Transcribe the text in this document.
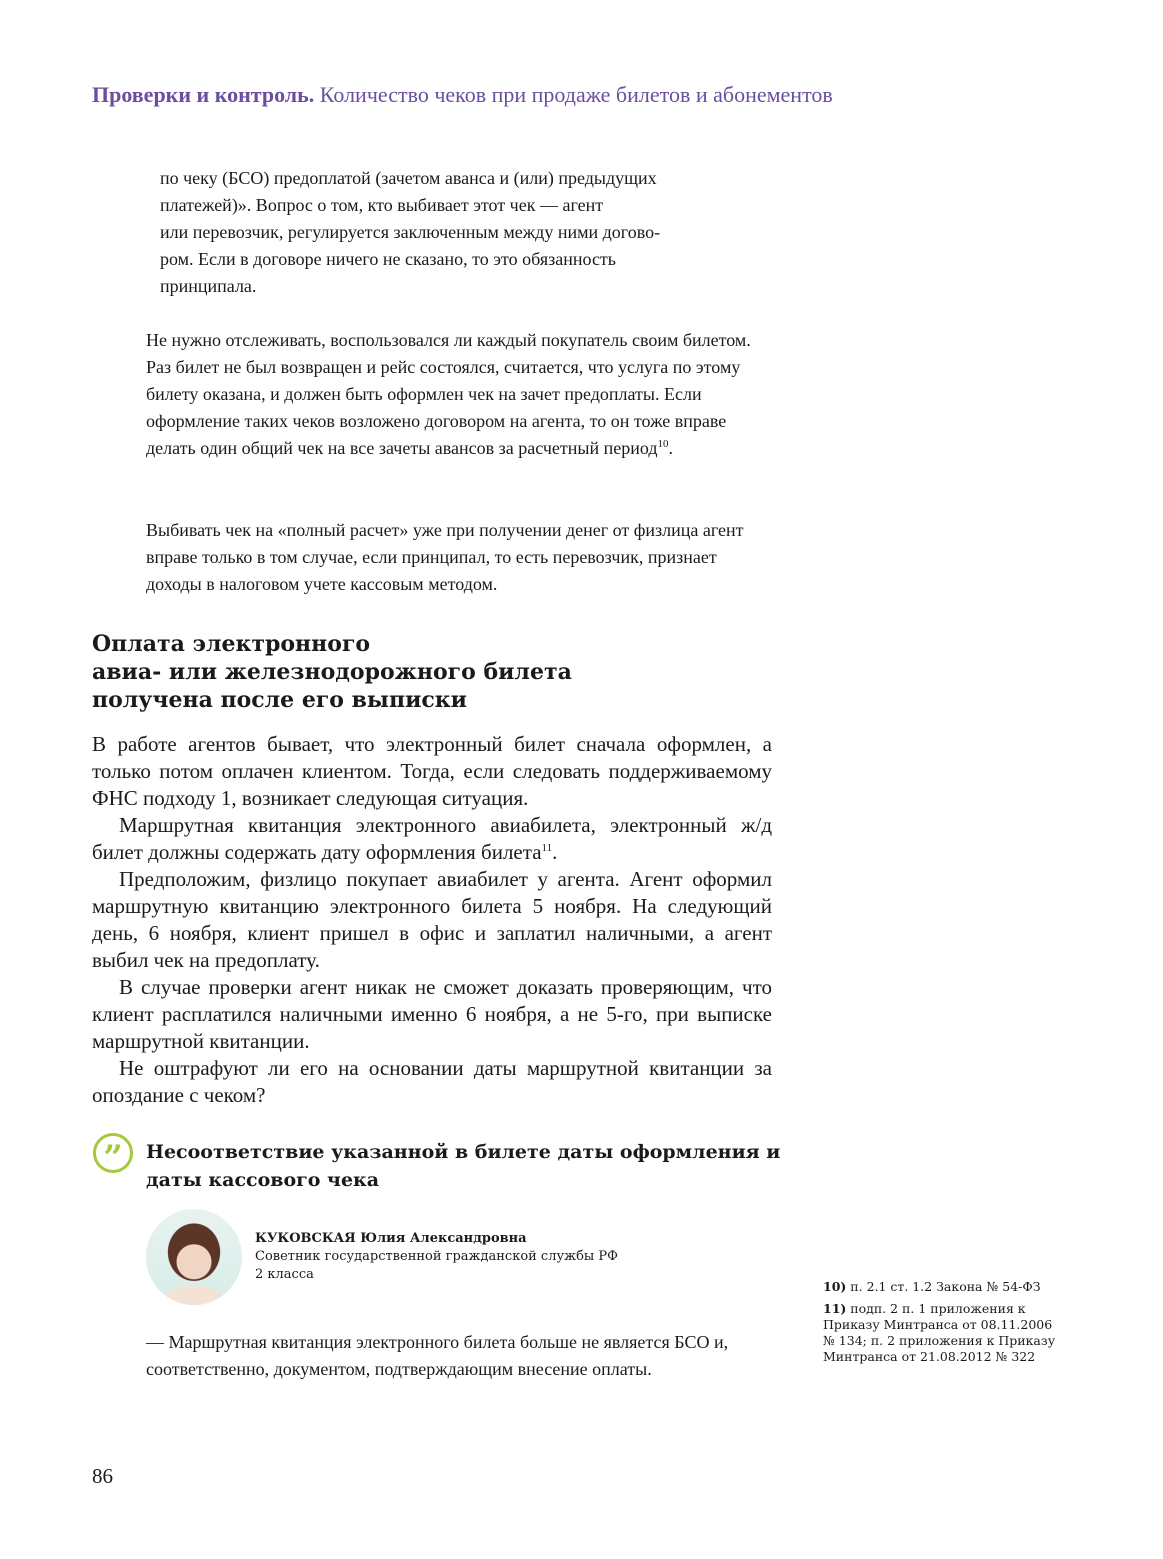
Проверки и контроль. Количество чеков при продаже билетов и абонементов
по чеку (БСО) предоплатой (зачетом аванса и (или) предыдущих
платежей)». Вопрос о том, кто выбивает этот чек — агент
или перевозчик, регулируется заключенным между ними догово-
ром. Если в договоре ничего не сказано, то это обязанность
принципала.
Не нужно отслеживать, воспользовался ли каждый покупатель своим билетом. Раз билет не был возвращен и рейс состоялся, считается, что услуга по этому билету оказана, и должен быть оформлен чек на зачет предоплаты. Если оформление таких чеков возложено договором на агента, то он тоже вправе делать один общий чек на все зачеты авансов за расчетный период$^{10}$.
Выбивать чек на «полный расчет» уже при получении денег от физлица агент вправе только в том случае, если принципал, то есть перевозчик, признает доходы в налоговом учете кассовым методом.
Оплата электронного
авиа- или железнодорожного билета
получена после его выписки

В работе агентов бывает, что электронный билет сначала оформлен, а только потом оплачен клиентом. Тогда, если следовать поддерживаемому ФНС подходу 1, возникает следующая ситуация.

Маршрутная квитанция электронного авиабилета, электронный ж/д билет должны содержать дату оформления билета$^{11}$.

Предположим, физлицо покупает авиабилет у агента. Агент оформил маршрутную квитанцию электронного билета 5 ноября. На следующий день, 6 ноября, клиент пришел в офис и заплатил наличными, а агент выбил чек на предоплату.

В случае проверки агент никак не сможет доказать проверяющим, что клиент расплатился наличными именно 6 ноября, а не 5-го, при выписке маршрутной квитанции.

Не оштрафуют ли его на основании даты маршрутной квитанции за опоздание с чеком?

” Несоответствие указанной в билете даты оформления и даты кассового чека
КУКОВСКАЯ Юлия Александровна
Советник государственной гражданской службы РФ
2 класса
— Маршрутная квитанция электронного билета больше не является БСО и, соответственно, документом, подтверждающим внесение оплаты.
10) п. 2.1 ст. 1.2 Закона № 54-ФЗ
11) подп. 2 п. 1 приложения к Приказу Минтранса от 08.11.2006 № 134; п. 2 приложения к Приказу Минтранса от 21.08.2012 № 322
86
